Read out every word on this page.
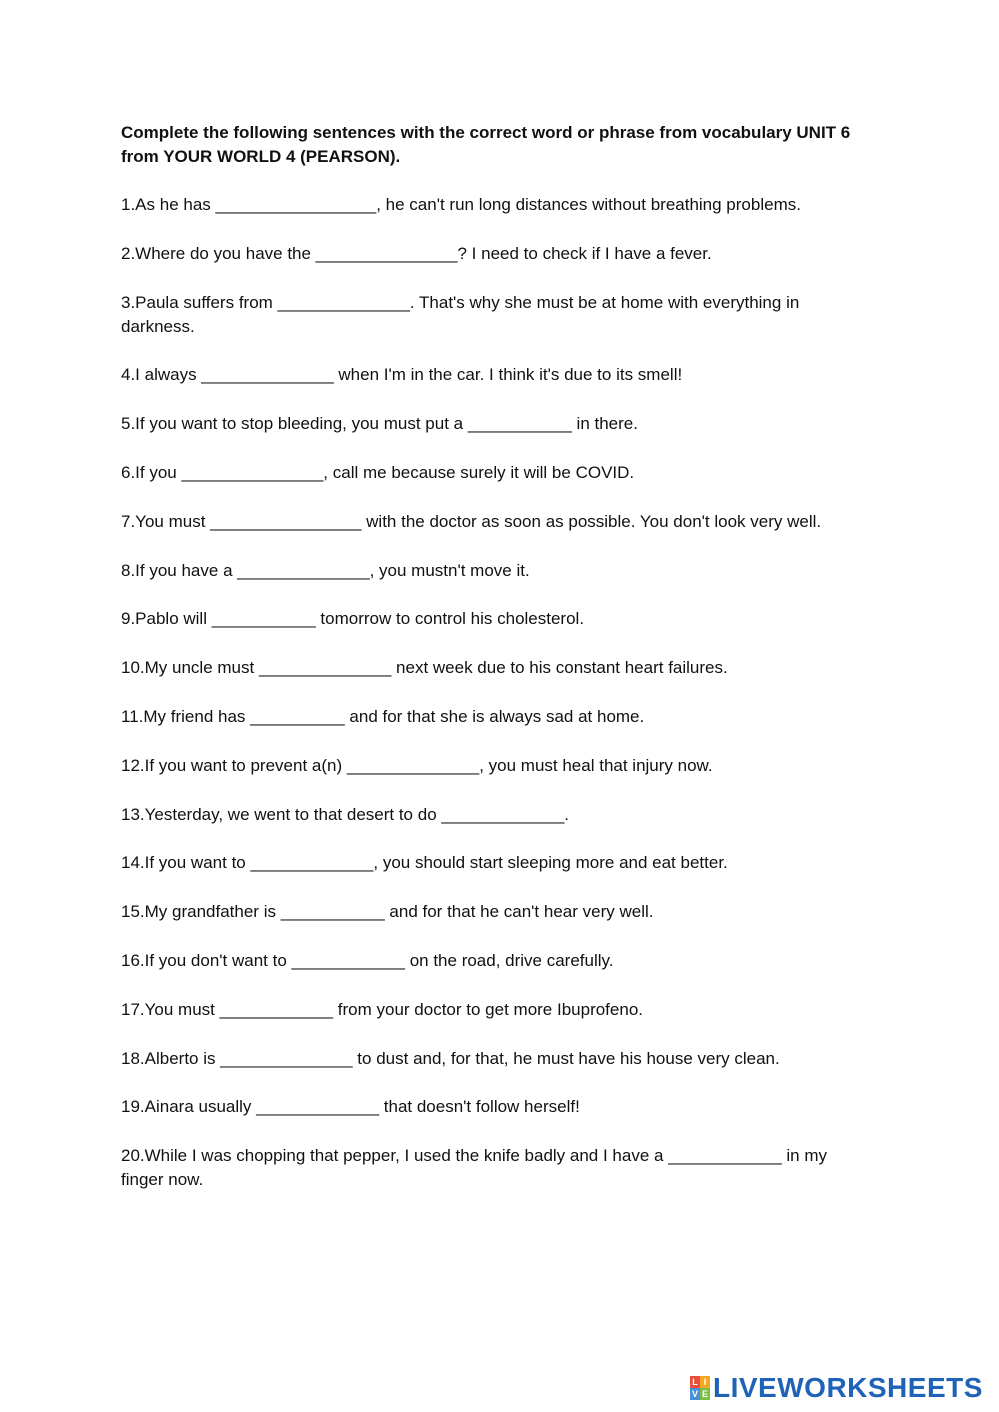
Complete the following sentences with the correct word or phrase from vocabulary UNIT 6 from YOUR WORLD 4 (PEARSON).

1.As he has _________________, he can't run long distances without breathing problems.

2.Where do you have the _______________? I need to check if I have a fever.

3.Paula suffers from ______________. That's why she must be at home with everything in darkness.

4.I always ______________ when I'm in the car. I think it's due to its smell!

5.If you want to stop bleeding, you must put a ___________ in there.

6.If you _______________, call me because surely it will be COVID.

7.You must ________________ with the doctor as soon as possible. You don't look very well.

8.If you have a ______________, you mustn't move it.

9.Pablo will ___________ tomorrow to control his cholesterol.

10.My uncle must ______________ next week due to his constant heart failures.

11.My friend has __________ and for that she is always sad at home.

12.If you want to prevent a(n) ______________, you must heal that injury now.

13.Yesterday, we went to that desert to do _____________.

14.If you want to _____________, you should start sleeping more and eat better.

15.My grandfather is ___________ and for that he can't hear very well.

16.If you don't want to ____________ on the road, drive carefully.

17.You must ____________ from your doctor to get more Ibuprofeno.

18.Alberto is ______________ to dust and, for that, he must have his house very clean.

19.Ainara usually _____________ that doesn't follow herself!

20.While I was chopping that pepper, I used the knife badly and I have a ____________ in my finger now.

L I
V E LIVEWORKSHEETS
